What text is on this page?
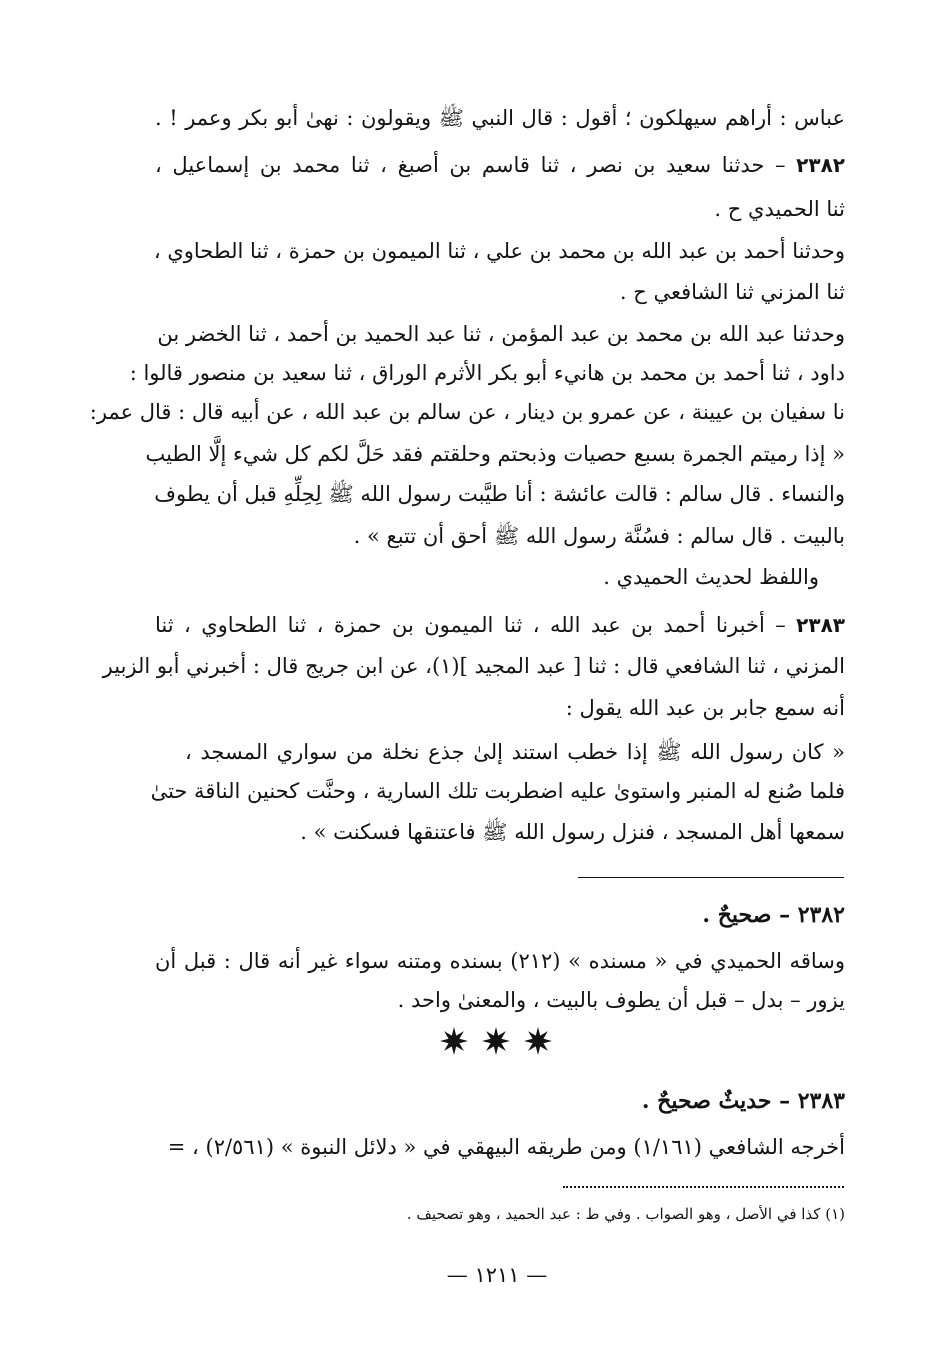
عباس : أراهم سيهلكون ؛ أقول : قال النبي ﷺ ويقولون : نهىٰ أبو بكر وعمر ! .
٢٣٨٢ – حدثنا سعيد بن نصر ، ثنا قاسم بن أصبغ ، ثنا محمد بن إسماعيل ،
ثنا الحميدي ح .
وحدثنا أحمد بن عبد الله بن محمد بن علي ، ثنا الميمون بن حمزة ، ثنا الطحاوي ،
ثنا المزني ثنا الشافعي ح .
وحدثنا عبد الله بن محمد بن عبد المؤمن ، ثنا عبد الحميد بن أحمد ، ثنا الخضر بن
داود ، ثنا أحمد بن محمد بن هانيء أبو بكر الأثرم الوراق ، ثنا سعيد بن منصور قالوا :
نا سفيان بن عيينة ، عن عمرو بن دينار ، عن سالم بن عبد الله ، عن أبيه قال : قال عمر:
« إذا رميتم الجمرة بسبع حصيات وذبحتم وحلقتم فقد حَلَّ لكم كل شيء إلَّا الطيب
والنساء . قال سالم : قالت عائشة : أنا طيَّبت رسول الله ﷺ لِحِلِّهِ قبل أن يطوف
بالبيت . قال سالم : فسُنَّة رسول الله ﷺ أحق أن تتبع » .
واللفظ لحديث الحميدي .
٢٣٨٣ – أخبرنا أحمد بن عبد الله ، ثنا الميمون بن حمزة ، ثنا الطحاوي ، ثنا
المزني ، ثنا الشافعي قال : ثنا [ عبد المجيد ](١)، عن ابن جريج قال : أخبرني أبو الزبير
أنه سمع جابر بن عبد الله يقول :
« كان رسول الله ﷺ إذا خطب استند إلىٰ جذع نخلة من سواري المسجد ،
فلما صُنع له المنبر واستوىٰ عليه اضطربت تلك السارية ، وحنَّت كحنين الناقة حتىٰ
سمعها أهل المسجد ، فنزل رسول الله ﷺ فاعتنقها فسكنت » .
٢٣٨٢ – صحيحٌ .
وساقه الحميدي في « مسنده » (٢١٢) بسنده ومتنه سواء غير أنه قال : قبل أن
يزور – بدل – قبل أن يطوف بالبيت ، والمعنىٰ واحد .
٢٣٨٣ – حديثٌ صحيحٌ .
أخرجه الشافعي (١/١٦١) ومن طريقه البيهقي في « دلائل النبوة » (٢/٥٦١) ، =
(١) كذا في الأصل ، وهو الصواب . وفي ط : عبد الحميد ، وهو تصحيف .
— ١٢١١ —
